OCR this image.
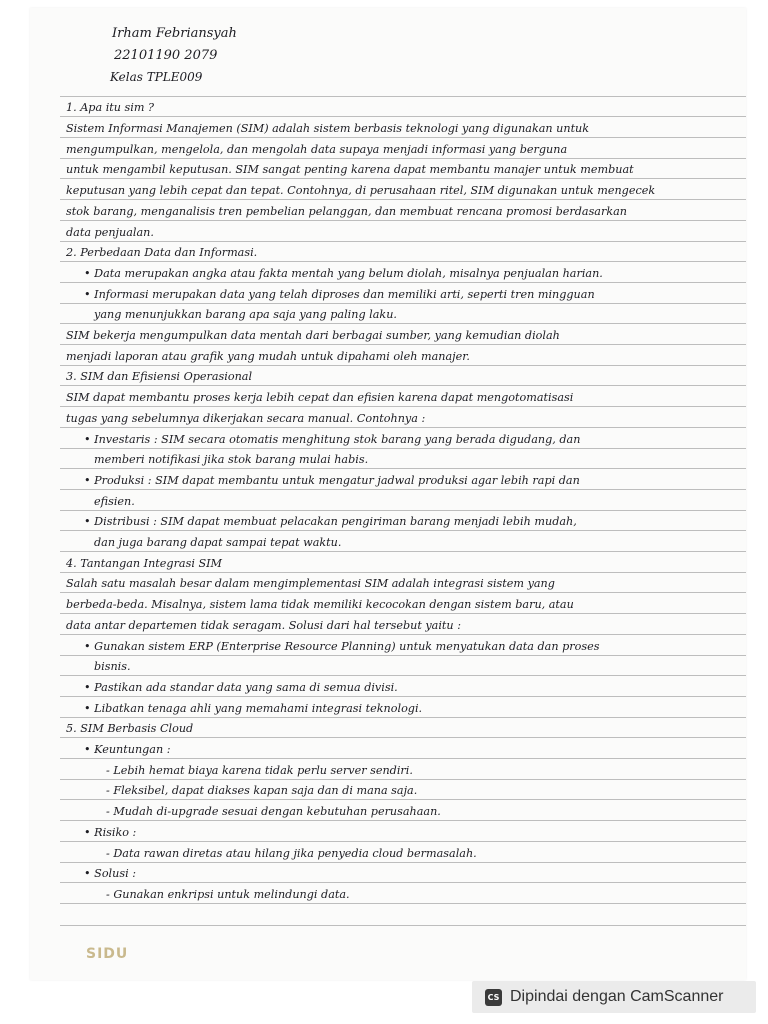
Irham Febriansyah
22101190 2079
Kelas TPLE009
1. Apa itu sim ?
Sistem Informasi Manajemen (SIM) adalah sistem berbasis teknologi yang digunakan untuk
mengumpulkan, mengelola, dan mengolah data supaya menjadi informasi yang berguna
untuk mengambil keputusan. SIM sangat penting karena dapat membantu manajer untuk membuat
keputusan yang lebih cepat dan tepat. Contohnya, di perusahaan ritel, SIM digunakan untuk mengecek
stok barang, menganalisis tren pembelian pelanggan, dan membuat rencana promosi berdasarkan
data penjualan.
2. Perbedaan Data dan Informasi.
• Data merupakan angka atau fakta mentah yang belum diolah, misalnya penjualan harian.
• Informasi merupakan data yang telah diproses dan memiliki arti, seperti tren mingguan
yang menunjukkan barang apa saja yang paling laku.
SIM bekerja mengumpulkan data mentah dari berbagai sumber, yang kemudian diolah
menjadi laporan atau grafik yang mudah untuk dipahami oleh manajer.
3. SIM dan Efisiensi Operasional
SIM dapat membantu proses kerja lebih cepat dan efisien karena dapat mengotomatisasi
tugas yang sebelumnya dikerjakan secara manual. Contohnya :
• Investaris : SIM secara otomatis menghitung stok barang yang berada digudang, dan
memberi notifikasi jika stok barang mulai habis.
• Produksi : SIM dapat membantu untuk mengatur jadwal produksi agar lebih rapi dan
efisien.
• Distribusi : SIM dapat membuat pelacakan pengiriman barang menjadi lebih mudah,
dan juga barang dapat sampai tepat waktu.
4. Tantangan Integrasi SIM
Salah satu masalah besar dalam mengimplementasi SIM adalah integrasi sistem yang
berbeda-beda. Misalnya, sistem lama tidak memiliki kecocokan dengan sistem baru, atau
data antar departemen tidak seragam. Solusi dari hal tersebut yaitu :
• Gunakan sistem ERP (Enterprise Resource Planning) untuk menyatukan data dan proses
bisnis.
• Pastikan ada standar data yang sama di semua divisi.
• Libatkan tenaga ahli yang memahami integrasi teknologi.
5. SIM Berbasis Cloud
• Keuntungan :
- Lebih hemat biaya karena tidak perlu server sendiri.
- Fleksibel, dapat diakses kapan saja dan di mana saja.
- Mudah di-upgrade sesuai dengan kebutuhan perusahaan.
• Risiko :
- Data rawan diretas atau hilang jika penyedia cloud bermasalah.
• Solusi :
- Gunakan enkripsi untuk melindungi data.
SIDU
CS Dipindai dengan CamScanner
